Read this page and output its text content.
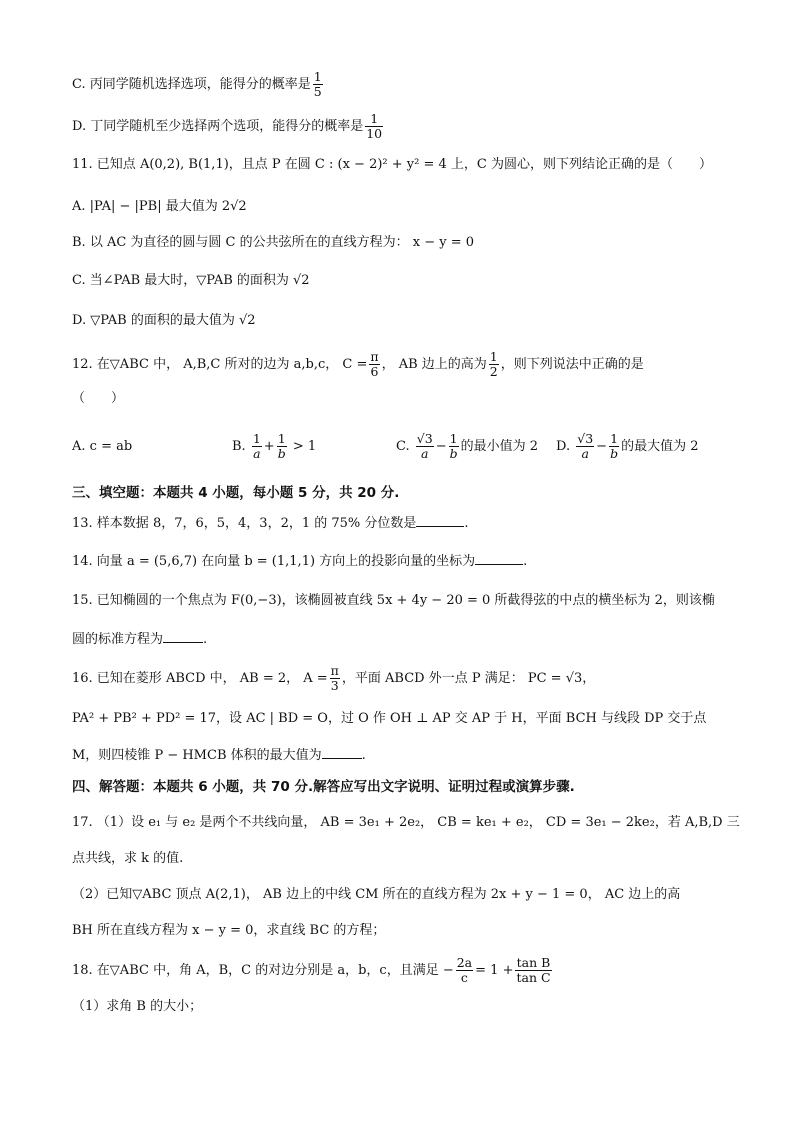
C. 丙同学随机选择选项，能得分的概率是 $\frac{1}{5}$
D. 丁同学随机至少选择两个选项，能得分的概率是 $\frac{1}{10}$
11. 已知点 A(0,2), B(1,1)，且点 P 在圆 C : (x − 2)² + y² = 4 上，C 为圆心，则下列结论正确的是（　　）
A. |PA| − |PB| 最大值为 2√2
B. 以 AC 为直径的圆与圆 C 的公共弦所在的直线方程为： x − y = 0
C. 当∠PAB 最大时，▽PAB 的面积为 √2
D. ▽PAB 的面积的最大值为 √2
12. 在▽ABC 中， A,B,C 所对的边为 a,b,c， $C = \frac{\pi}{6}$ ， AB 边上的高为 $\frac{1}{2}$ ，则下列说法中正确的是
（　　）
A. c = ab	B. $\frac{1}{a} + \frac{1}{b} > 1$	C. $\frac{√3}{a} - \frac{1}{b}$ 的最小值为 2 D. $\frac{√3}{a} - \frac{1}{b}$ 的最大值为 2
三、填空题：本题共 4 小题，每小题 5 分，共 20 分.
13. 样本数据 8，7，6，5，4，3，2，1 的 75% 分位数是	.
14. 向量 a = (5,6,7) 在向量 b = (1,1,1) 方向上的投影向量的坐标为	.
15. 已知椭圆的一个焦点为 F(0,−3)，该椭圆被直线 5x + 4y − 20 = 0 所截得弦的中点的横坐标为 2，则该椭
圆的标准方程为	.
16. 已知在菱形 ABCD 中， AB = 2， $A = \frac{\pi}{3}$ ，平面 ABCD 外一点 P 满足： PC = √3，
PA² + PB² + PD² = 17，设 AC | BD = O，过 O 作 OH ⊥ AP 交 AP 于 H，平面 BCH 与线段 DP 交于点
M，则四棱锥 P − HMCB 体积的最大值为	.
四、解答题：本题共 6 小题，共 70 分.解答应写出文字说明、证明过程或演算步骤.
17. （1）设 e₁ 与 e₂ 是两个不共线向量， AB = 3e₁ + 2e₂， CB = ke₁ + e₂， CD = 3e₁ − 2ke₂，若 A,B,D 三
点共线，求 k 的值.
（2）已知▽ABC 顶点 A(2,1)， AB 边上的中线 CM 所在的直线方程为 2x + y − 1 = 0， AC 边上的高
BH 所在直线方程为 x − y = 0，求直线 BC 的方程；
18. 在▽ABC 中，角 A，B，C 的对边分别是 a，b，c，且满足 − $\frac{2a}{c} = 1 + \frac{\text{tan B}}{\text{tan C}}$
（1）求角 B 的大小；
